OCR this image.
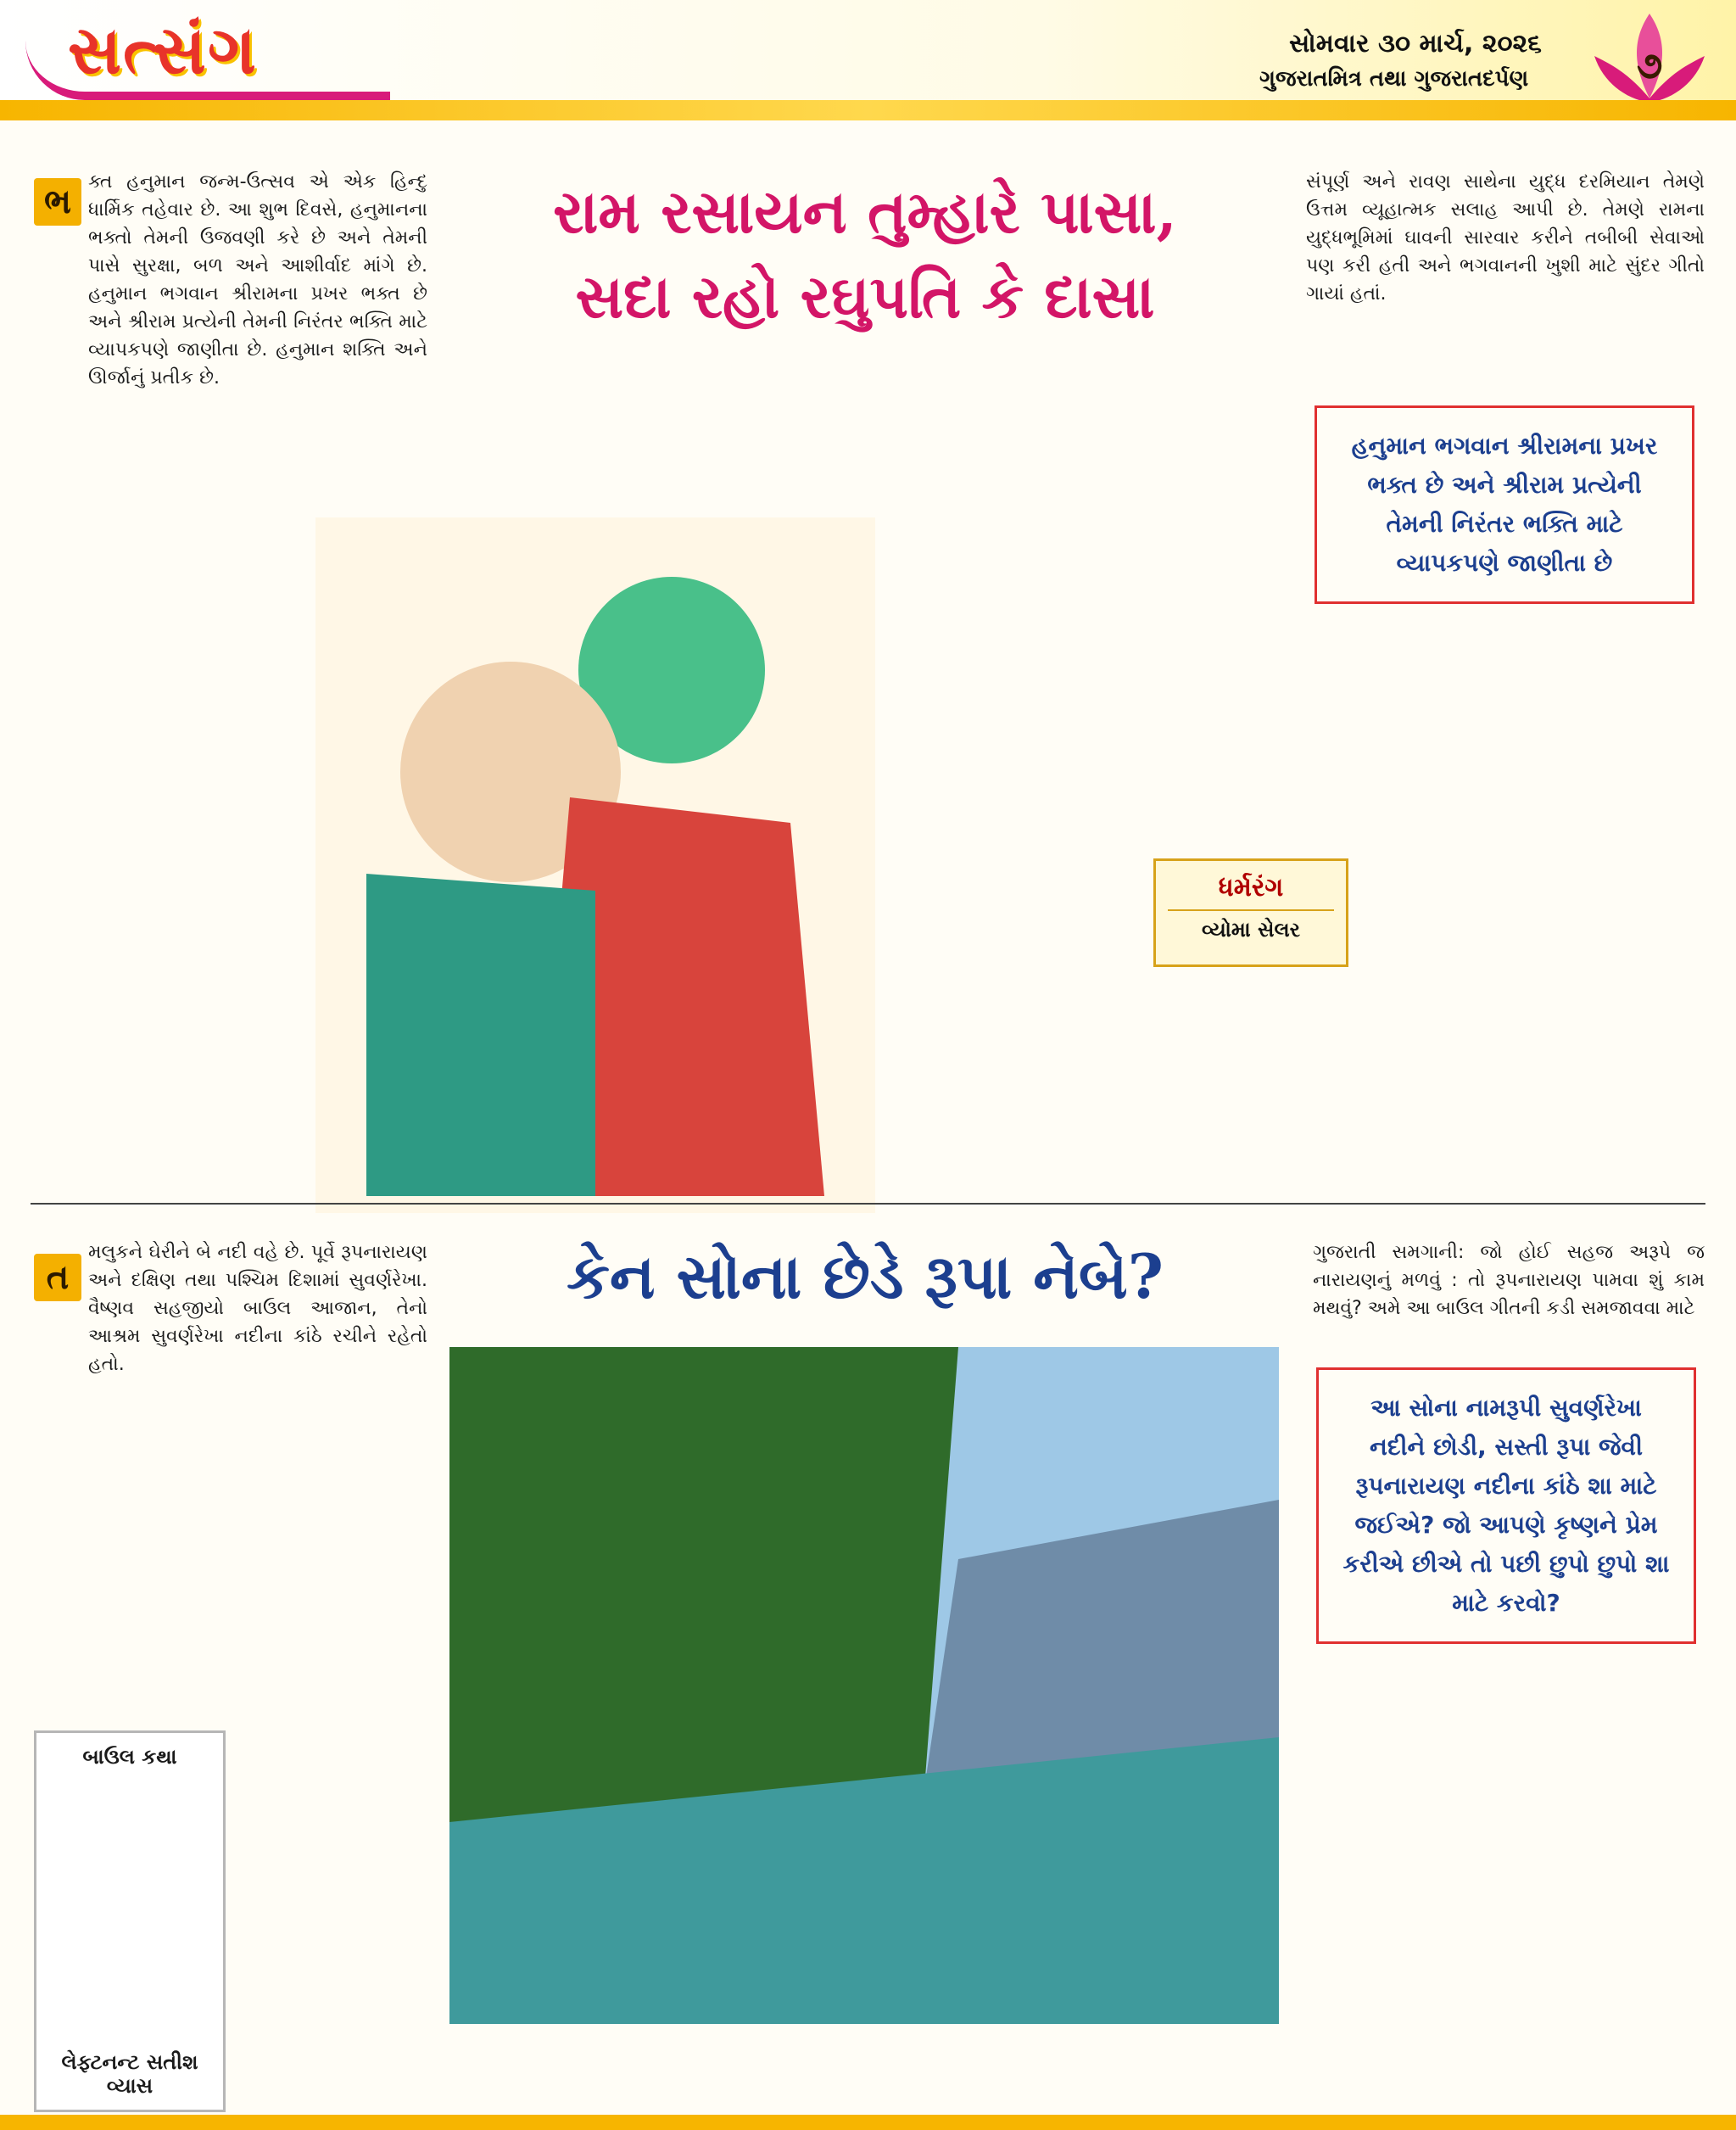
સત્સંગ	સોમવાર ૩૦ માર્ચ, ૨૦૨૬
ગુજરાતમિત્ર તથા ગુજરાતદર્પણ	૭
રામ રસાયન તુમ્હારે પાસા,
સદા રહો રઘુપતિ કે દાસા
ભ
ક્ત હનુમાન જન્મ-ઉત્સવ એ એક હિન્દુ ધાર્મિક તહેવાર છે. આ શુભ દિવસે, હનુમાનના ભક્તો તેમની ઉજવણી કરે છે અને તેમની પાસે સુરક્ષા, બળ અને આશીર્વાદ માંગે છે. હનુમાન ભગવાન શ્રીરામના પ્રખર ભક્ત છે અને શ્રીરામ પ્રત્યેની તેમની નિરંતર ભક્તિ માટે વ્યાપકપણે જાણીતા છે. હનુમાન શક્તિ અને ઊર્જાનું પ્રતીક છે.
સંપૂર્ણ અને રાવણ સાથેના યુદ્ધ દરમિયાન તેમણે ઉત્તમ વ્યૂહાત્મક સલાહ આપી છે. તેમણે રામના યુદ્ધભૂમિમાં ઘાવની સારવાર કરીને તબીબી સેવાઓ પણ કરી હતી અને ભગવાનની ખુશી માટે સુંદર ગીતો ગાયાં હતાં.
હનુમાન ભગવાન શ્રીરામના પ્રખર ભક્ત છે અને શ્રીરામ પ્રત્યેની તેમની નિરંતર ભક્તિ માટે વ્યાપકપણે જાણીતા છે
ધર્મરંગ
વ્યોમા સેલર
કેન સોના છેડે રૂપા નેબે?
ત
મલુકને ઘેરીને બે નદી વહે છે. પૂર્વે રૂપનારાયણ અને દક્ષિણ તથા પશ્ચિમ દિશામાં સુવર્ણરેખા. વૈષ્ણવ સહજીયો બાઉલ આજાન, તેનો આશ્રમ સુવર્ણરેખા નદીના કાંઠે રચીને રહેતો હતો.
ગુજરાતી સમગાની: જો હોઈ સહજ અરૂપે જ નારાયણનું મળવું : તો રૂપનારાયણ પામવા શું કામ મથવું? અમે આ બાઉલ ગીતની કડી સમજાવવા માટે
આ સોના નામરૂપી સુવર્ણરેખા નદીને છોડી, સસ્તી રૂપા જેવી રૂપનારાયણ નદીના કાંઠે શા માટે જઈએ? જો આપણે કૃષ્ણને પ્રેમ કરીએ છીએ તો પછી છુપો છુપો શા માટે કરવો?
બાઉલ કથા
લેફ્ટનન્ટ સતીશ વ્યાસ
